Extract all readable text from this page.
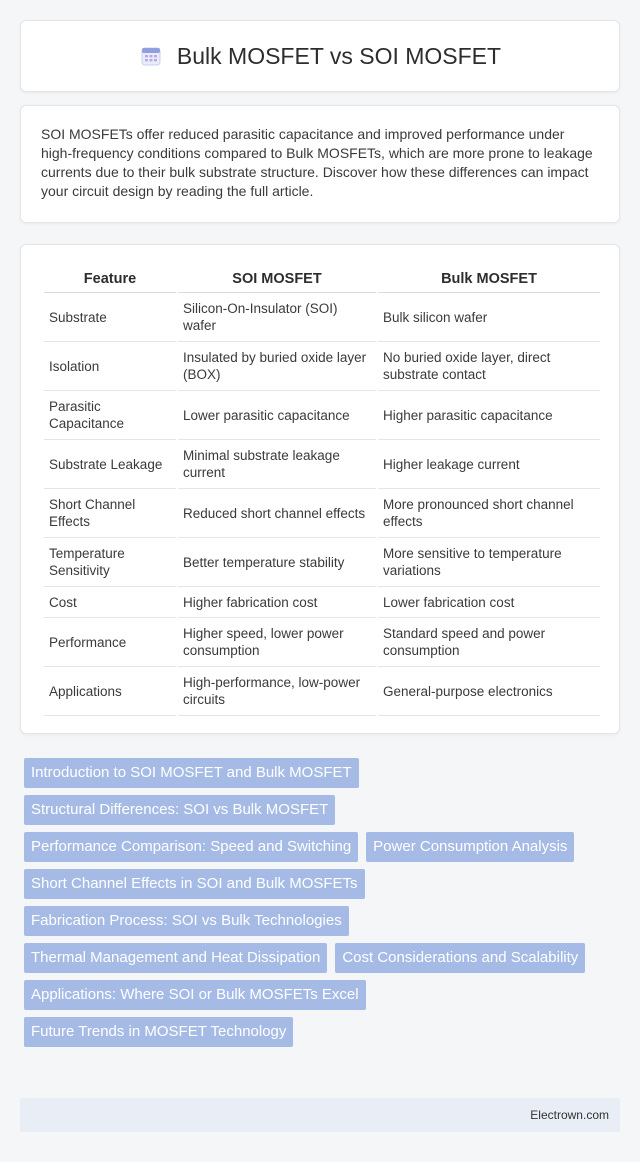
Bulk MOSFET vs SOI MOSFET

SOI MOSFETs offer reduced parasitic capacitance and improved performance under high-frequency conditions compared to Bulk MOSFETs, which are more prone to leakage currents due to their bulk substrate structure. Discover how these differences can impact your circuit design by reading the full article.

Feature	SOI MOSFET	Bulk MOSFET
Substrate	Silicon-On-Insulator (SOI) wafer	Bulk silicon wafer
Isolation	Insulated by buried oxide layer (BOX)	No buried oxide layer, direct substrate contact
Parasitic Capacitance	Lower parasitic capacitance	Higher parasitic capacitance
Substrate Leakage	Minimal substrate leakage current	Higher leakage current
Short Channel Effects	Reduced short channel effects	More pronounced short channel effects
Temperature Sensitivity	Better temperature stability	More sensitive to temperature variations
Cost	Higher fabrication cost	Lower fabrication cost
Performance	Higher speed, lower power consumption	Standard speed and power consumption
Applications	High-performance, low-power circuits	General-purpose electronics
Introduction to SOI MOSFET and Bulk MOSFET
Structural Differences: SOI vs Bulk MOSFET
Performance Comparison: Speed and Switching	Power Consumption Analysis
Short Channel Effects in SOI and Bulk MOSFETs
Fabrication Process: SOI vs Bulk Technologies
Thermal Management and Heat Dissipation	Cost Considerations and Scalability
Applications: Where SOI or Bulk MOSFETs Excel
Future Trends in MOSFET Technology
Electrown.com
